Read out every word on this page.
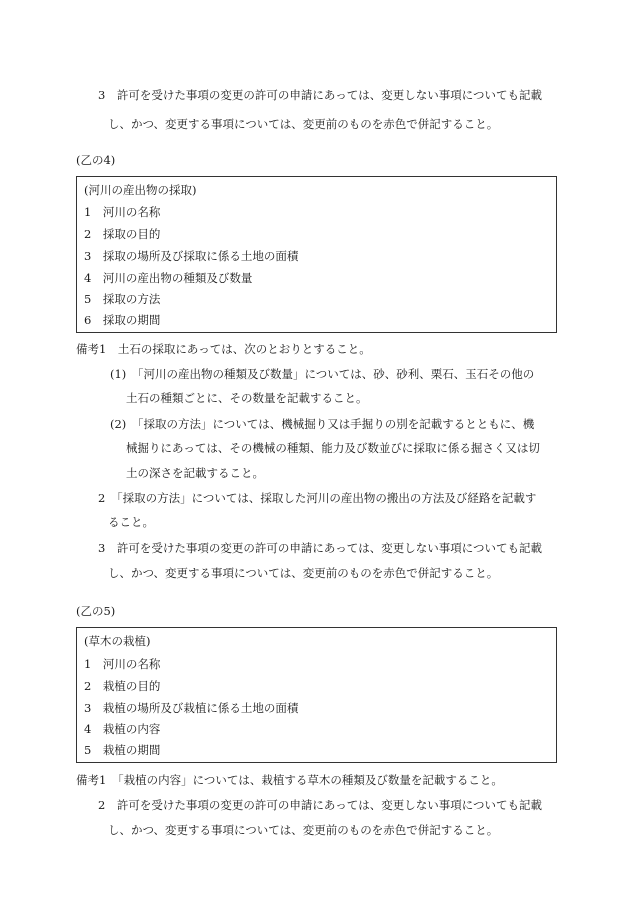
3　許可を受けた事項の変更の許可の申請にあっては、変更しない事項についても記載
し、かつ、変更する事項については、変更前のものを赤色で併記すること。
(乙の4)
(河川の産出物の採取)
1　河川の名称
2　採取の目的
3　採取の場所及び採取に係る土地の面積
4　河川の産出物の種類及び数量
5　採取の方法
6　採取の期間
備考1　土石の採取にあっては、次のとおりとすること。
(1)　「河川の産出物の種類及び数量」については、砂、砂利、栗石、玉石その他の
土石の種類ごとに、その数量を記載すること。
(2)　「採取の方法」については、機械掘り又は手掘りの別を記載するとともに、機
械掘りにあっては、その機械の種類、能力及び数並びに採取に係る掘さく又は切
土の深さを記載すること。
2　「採取の方法」については、採取した河川の産出物の搬出の方法及び経路を記載す
ること。
3　許可を受けた事項の変更の許可の申請にあっては、変更しない事項についても記載
し、かつ、変更する事項については、変更前のものを赤色で併記すること。
(乙の5)
(草木の栽植)
1　河川の名称
2　栽植の目的
3　栽植の場所及び栽植に係る土地の面積
4　栽植の内容
5　栽植の期間
備考1　「栽植の内容」については、栽植する草木の種類及び数量を記載すること。
2　許可を受けた事項の変更の許可の申請にあっては、変更しない事項についても記載
し、かつ、変更する事項については、変更前のものを赤色で併記すること。
